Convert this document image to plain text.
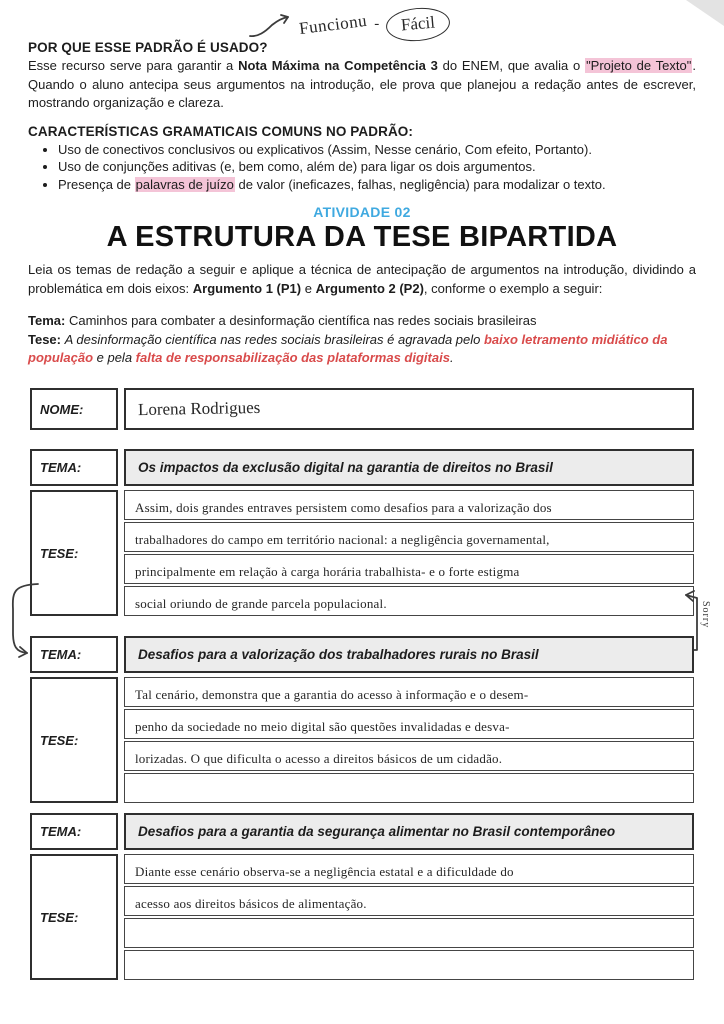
Funcionu -	Fácil
POR QUE ESSE PADRÃO É USADO?
Esse recurso serve para garantir a Nota Máxima na Competência 3 do ENEM, que avalia o "Projeto de Texto". Quando o aluno antecipa seus argumentos na introdução, ele prova que planejou a redação antes de escrever, mostrando organização e clareza.
CARACTERÍSTICAS GRAMATICAIS COMUNS NO PADRÃO:
• Uso de conectivos conclusivos ou explicativos (Assim, Nesse cenário, Com efeito, Portanto).
• Uso de conjunções aditivas (e, bem como, além de) para ligar os dois argumentos.
• Presença de palavras de juízo de valor (ineficazes, falhas, negligência) para modalizar o texto.
ATIVIDADE 02
A ESTRUTURA DA TESE BIPARTIDA
Leia os temas de redação a seguir e aplique a técnica de antecipação de argumentos na introdução, dividindo a problemática em dois eixos: Argumento 1 (P1) e Argumento 2 (P2), conforme o exemplo a seguir:
Tema: Caminhos para combater a desinformação científica nas redes sociais brasileiras
Tese: A desinformação científica nas redes sociais brasileiras é agravada pelo baixo letramento midiático da população e pela falta de responsabilização das plataformas digitais.
NOME:	Lorena Rodrigues
TEMA:	Os impactos da exclusão digital na garantia de direitos no Brasil
TESE:
Assim, dois grandes entraves persistem como desafios para a valorização dos
trabalhadores do campo em território nacional: a negligência governamental,
principalmente em relação à carga horária trabalhista- e o forte estigma
social oriundo de grande parcela populacional.	Sorry
TEMA:	Desafios para a valorização dos trabalhadores rurais no Brasil
TESE:
Tal cenário, demonstra que a garantia do acesso à informação e o desem-
penho da sociedade no meio digital são questões invalidadas e desva-
lorizadas. O que dificulta o acesso a direitos básicos de um cidadão.
TEMA:	Desafios para a garantia da segurança alimentar no Brasil contemporâneo
TESE:
Diante esse cenário observa-se a negligência estatal e a dificuldade do
acesso aos direitos básicos de alimentação.
